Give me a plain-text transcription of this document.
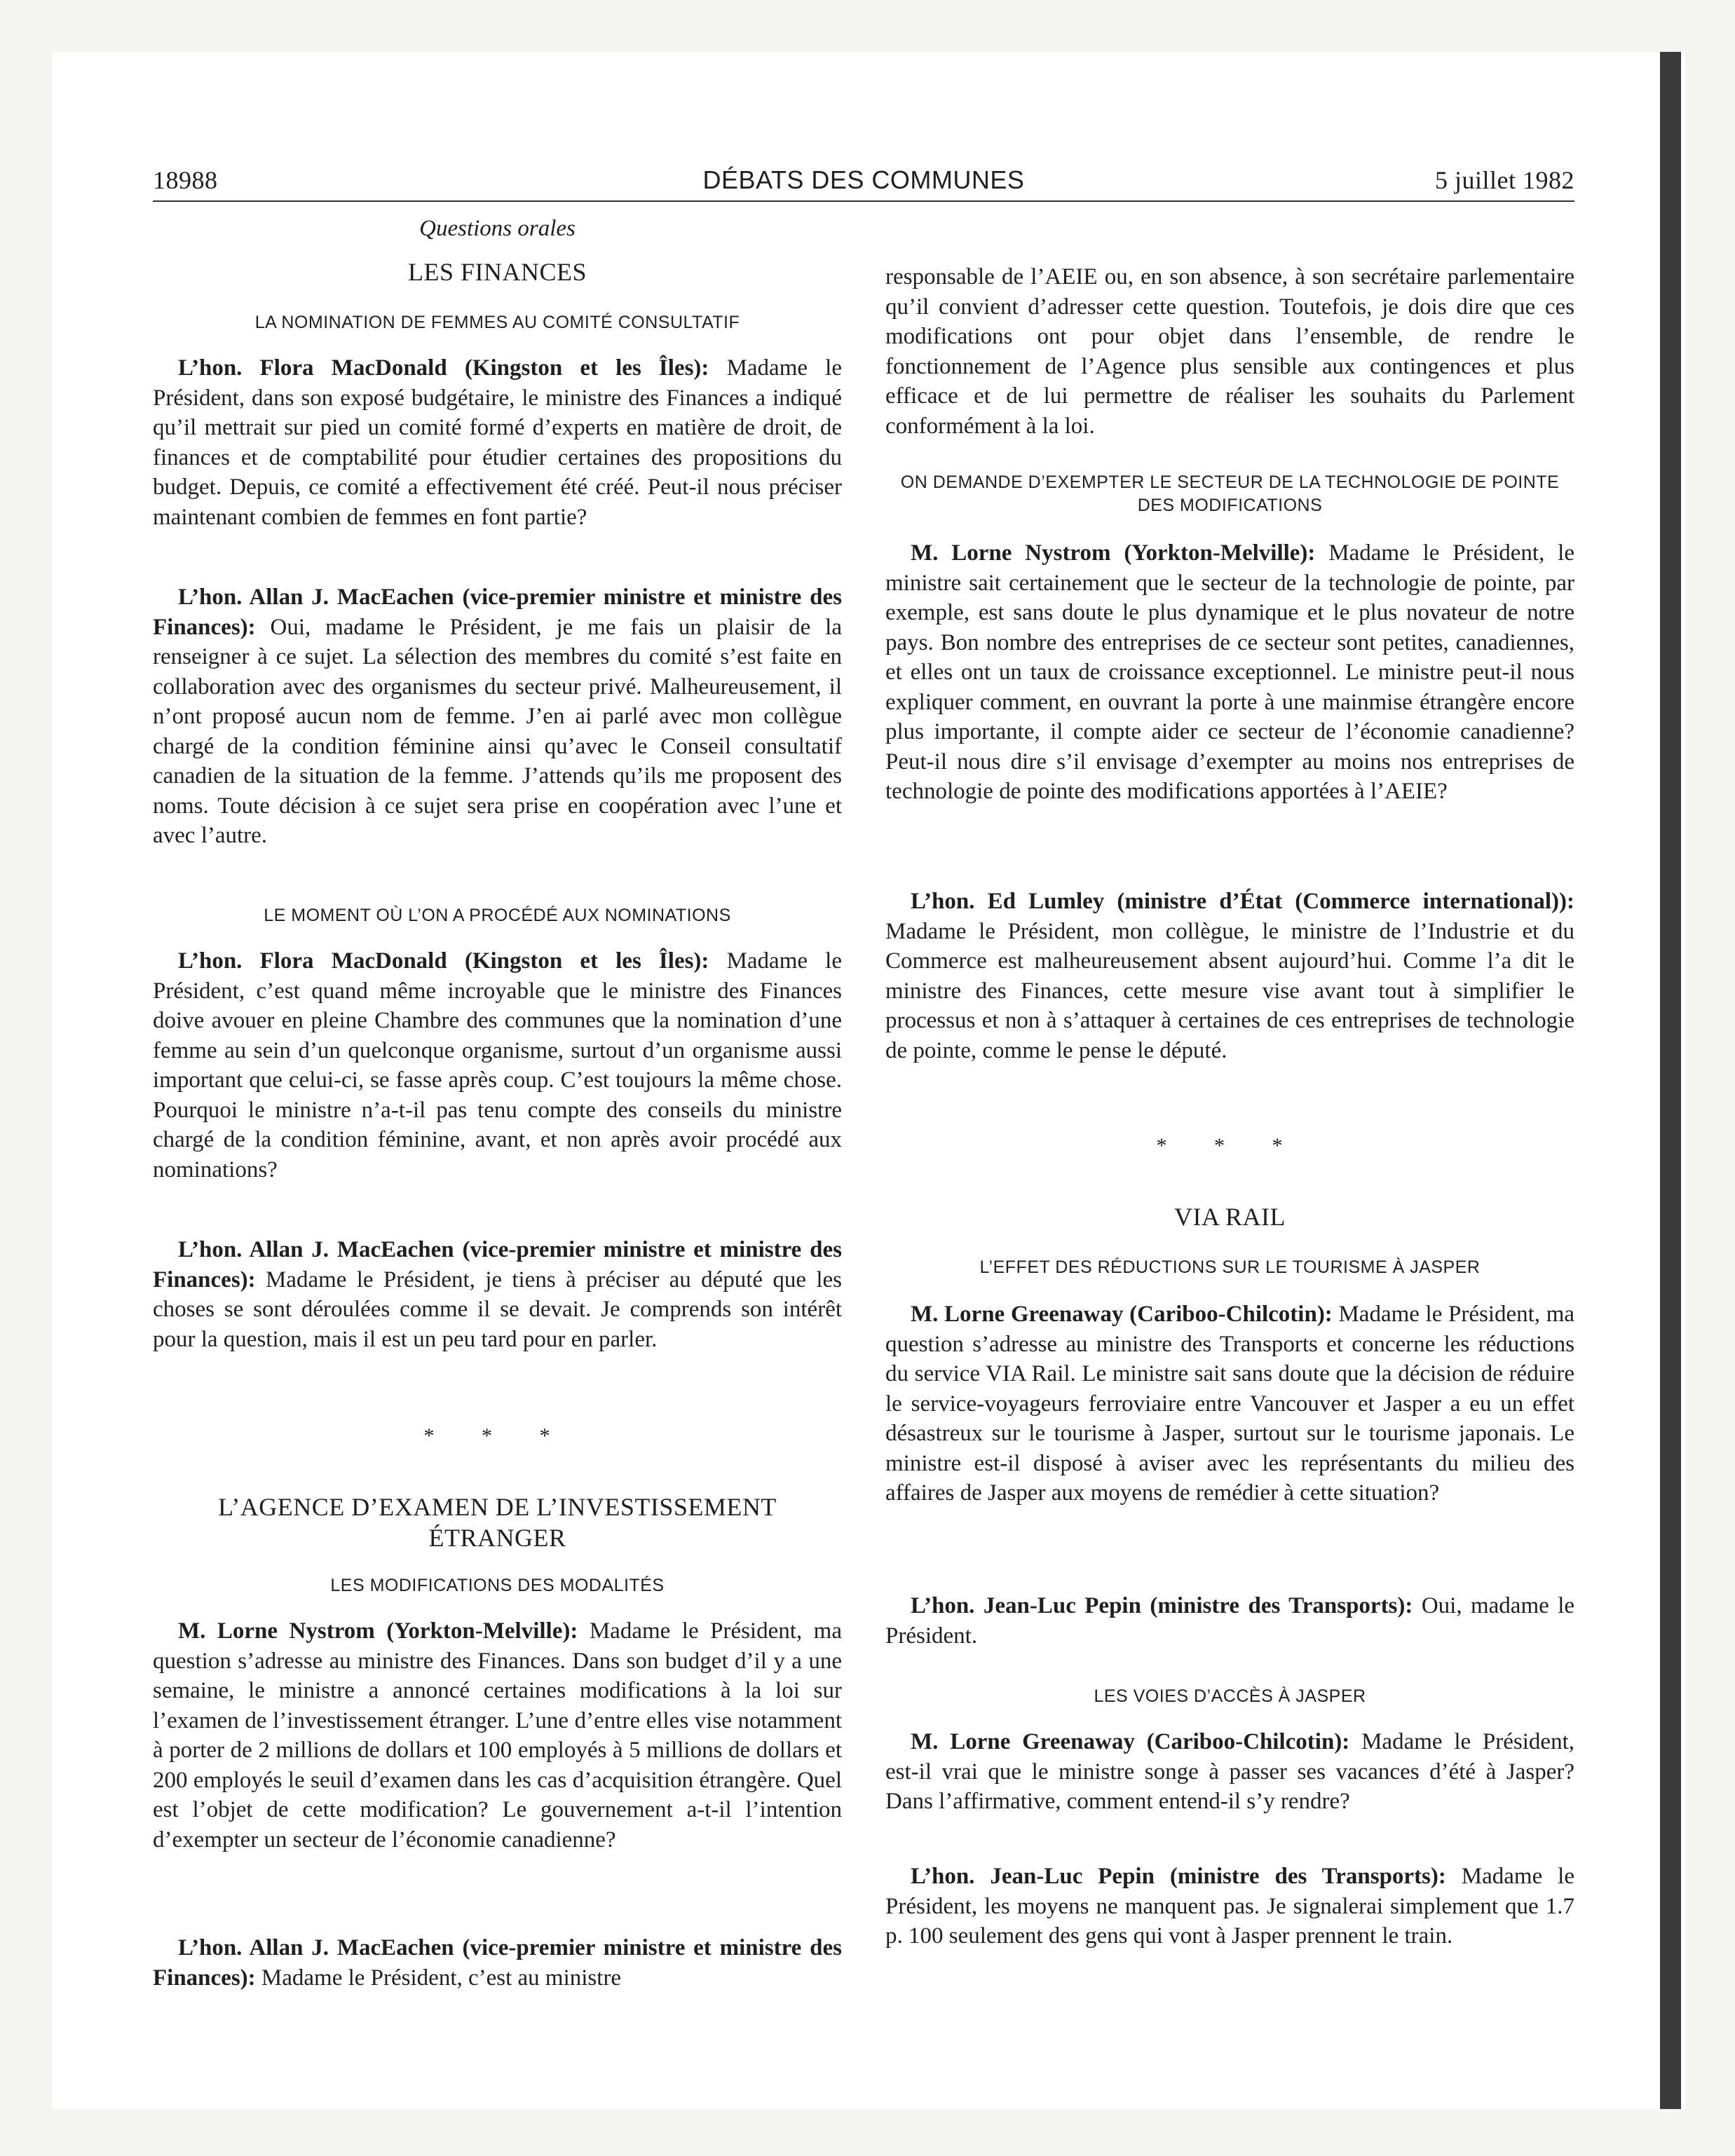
18988	DÉBATS DES COMMUNES	5 juillet 1982
Questions orales
LES FINANCES
LA NOMINATION DE FEMMES AU COMITÉ CONSULTATIF

L’hon. Flora MacDonald (Kingston et les Îles): Madame le Président, dans son exposé budgétaire, le ministre des Finances a indiqué qu’il mettrait sur pied un comité formé d’experts en matière de droit, de finances et de comptabilité pour étudier certaines des propositions du budget. Depuis, ce comité a effectivement été créé. Peut-il nous préciser maintenant combien de femmes en font partie?

L’hon. Allan J. MacEachen (vice-premier ministre et ministre des Finances): Oui, madame le Président, je me fais un plaisir de la renseigner à ce sujet. La sélection des membres du comité s’est faite en collaboration avec des organismes du secteur privé. Malheureusement, il n’ont proposé aucun nom de femme. J’en ai parlé avec mon collègue chargé de la condition féminine ainsi qu’avec le Conseil consultatif canadien de la situation de la femme. J’attends qu’ils me proposent des noms. Toute décision à ce sujet sera prise en coopération avec l’une et avec l’autre.

LE MOMENT OÙ L’ON A PROCÉDÉ AUX NOMINATIONS

L’hon. Flora MacDonald (Kingston et les Îles): Madame le Président, c’est quand même incroyable que le ministre des Finances doive avouer en pleine Chambre des communes que la nomination d’une femme au sein d’un quelconque organisme, surtout d’un organisme aussi important que celui-ci, se fasse après coup. C’est toujours la même chose. Pourquoi le ministre n’a-t-il pas tenu compte des conseils du ministre chargé de la condition féminine, avant, et non après avoir procédé aux nominations?

L’hon. Allan J. MacEachen (vice-premier ministre et ministre des Finances): Madame le Président, je tiens à préciser au député que les choses se sont déroulées comme il se devait. Je comprends son intérêt pour la question, mais il est un peu tard pour en parler.

* * *
L’AGENCE D’EXAMEN DE L’INVESTISSEMENT ÉTRANGER
LES MODIFICATIONS DES MODALITÉS

M. Lorne Nystrom (Yorkton-Melville): Madame le Président, ma question s’adresse au ministre des Finances. Dans son budget d’il y a une semaine, le ministre a annoncé certaines modifications à la loi sur l’examen de l’investissement étranger. L’une d’entre elles vise notamment à porter de 2 millions de dollars et 100 employés à 5 millions de dollars et 200 employés le seuil d’examen dans les cas d’acquisition étrangère. Quel est l’objet de cette modification? Le gouvernement a-t-il l’intention d’exempter un secteur de l’économie canadienne?

L’hon. Allan J. MacEachen (vice-premier ministre et ministre des Finances): Madame le Président, c’est au ministre

responsable de l’AEIE ou, en son absence, à son secrétaire parlementaire qu’il convient d’adresser cette question. Toutefois, je dois dire que ces modifications ont pour objet dans l’ensemble, de rendre le fonctionnement de l’Agence plus sensible aux contingences et plus efficace et de lui permettre de réaliser les souhaits du Parlement conformément à la loi.

ON DEMANDE D’EXEMPTER LE SECTEUR DE LA TECHNOLOGIE DE POINTE DES MODIFICATIONS

M. Lorne Nystrom (Yorkton-Melville): Madame le Président, le ministre sait certainement que le secteur de la technologie de pointe, par exemple, est sans doute le plus dynamique et le plus novateur de notre pays. Bon nombre des entreprises de ce secteur sont petites, canadiennes, et elles ont un taux de croissance exceptionnel. Le ministre peut-il nous expliquer comment, en ouvrant la porte à une mainmise étrangère encore plus importante, il compte aider ce secteur de l’économie canadienne? Peut-il nous dire s’il envisage d’exempter au moins nos entreprises de technologie de pointe des modifications apportées à l’AEIE?

L’hon. Ed Lumley (ministre d’État (Commerce international)): Madame le Président, mon collègue, le ministre de l’Industrie et du Commerce est malheureusement absent aujourd’hui. Comme l’a dit le ministre des Finances, cette mesure vise avant tout à simplifier le processus et non à s’attaquer à certaines de ces entreprises de technologie de pointe, comme le pense le député.

* * *
VIA RAIL
L’EFFET DES RÉDUCTIONS SUR LE TOURISME À JASPER

M. Lorne Greenaway (Cariboo-Chilcotin): Madame le Président, ma question s’adresse au ministre des Transports et concerne les réductions du service VIA Rail. Le ministre sait sans doute que la décision de réduire le service-voyageurs ferroviaire entre Vancouver et Jasper a eu un effet désastreux sur le tourisme à Jasper, surtout sur le tourisme japonais. Le ministre est-il disposé à aviser avec les représentants du milieu des affaires de Jasper aux moyens de remédier à cette situation?

L’hon. Jean-Luc Pepin (ministre des Transports): Oui, madame le Président.

LES VOIES D’ACCÈS À JASPER

M. Lorne Greenaway (Cariboo-Chilcotin): Madame le Président, est-il vrai que le ministre songe à passer ses vacances d’été à Jasper? Dans l’affirmative, comment entend-il s’y rendre?

L’hon. Jean-Luc Pepin (ministre des Transports): Madame le Président, les moyens ne manquent pas. Je signalerai simplement que 1.7 p. 100 seulement des gens qui vont à Jasper prennent le train.
